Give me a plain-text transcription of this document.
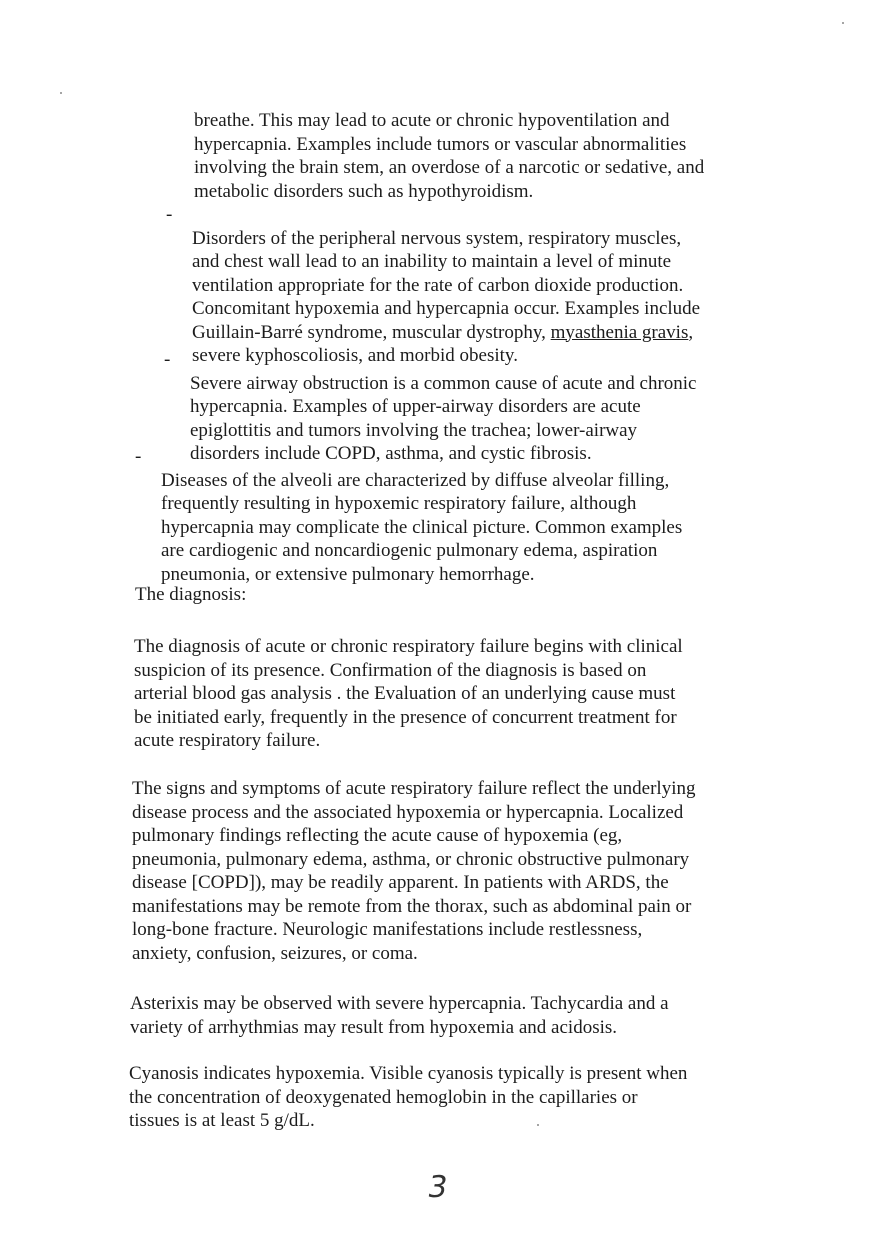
breathe. This may lead to acute or chronic hypoventilation and
hypercapnia. Examples include tumors or vascular abnormalities
involving the brain stem, an overdose of a narcotic or sedative, and
metabolic disorders such as hypothyroidism.

-
Disorders of the peripheral nervous system, respiratory muscles,
and chest wall lead to an inability to maintain a level of minute
ventilation appropriate for the rate of carbon dioxide production.
Concomitant hypoxemia and hypercapnia occur. Examples include
Guillain-Barré syndrome, muscular dystrophy, myasthenia gravis,
severe kyphoscoliosis, and morbid obesity.

-
Severe airway obstruction is a common cause of acute and chronic
hypercapnia. Examples of upper-airway disorders are acute
epiglottitis and tumors involving the trachea; lower-airway
disorders include COPD, asthma, and cystic fibrosis.

-
Diseases of the alveoli are characterized by diffuse alveolar filling,
frequently resulting in hypoxemic respiratory failure, although
hypercapnia may complicate the clinical picture. Common examples
are cardiogenic and noncardiogenic pulmonary edema, aspiration
pneumonia, or extensive pulmonary hemorrhage.

The diagnosis:
The diagnosis of acute or chronic respiratory failure begins with clinical
suspicion of its presence. Confirmation of the diagnosis is based on
arterial blood gas analysis . the Evaluation of an underlying cause must
be initiated early, frequently in the presence of concurrent treatment for
acute respiratory failure.
The signs and symptoms of acute respiratory failure reflect the underlying
disease process and the associated hypoxemia or hypercapnia. Localized
pulmonary findings reflecting the acute cause of hypoxemia (eg,
pneumonia, pulmonary edema, asthma, or chronic obstructive pulmonary
disease [COPD]), may be readily apparent. In patients with ARDS, the
manifestations may be remote from the thorax, such as abdominal pain or
long-bone fracture. Neurologic manifestations include restlessness,
anxiety, confusion, seizures, or coma.
Asterixis may be observed with severe hypercapnia. Tachycardia and a
variety of arrhythmias may result from hypoxemia and acidosis.
Cyanosis indicates hypoxemia. Visible cyanosis typically is present when
the concentration of deoxygenated hemoglobin in the capillaries or
tissues is at least 5 g/dL.
3
